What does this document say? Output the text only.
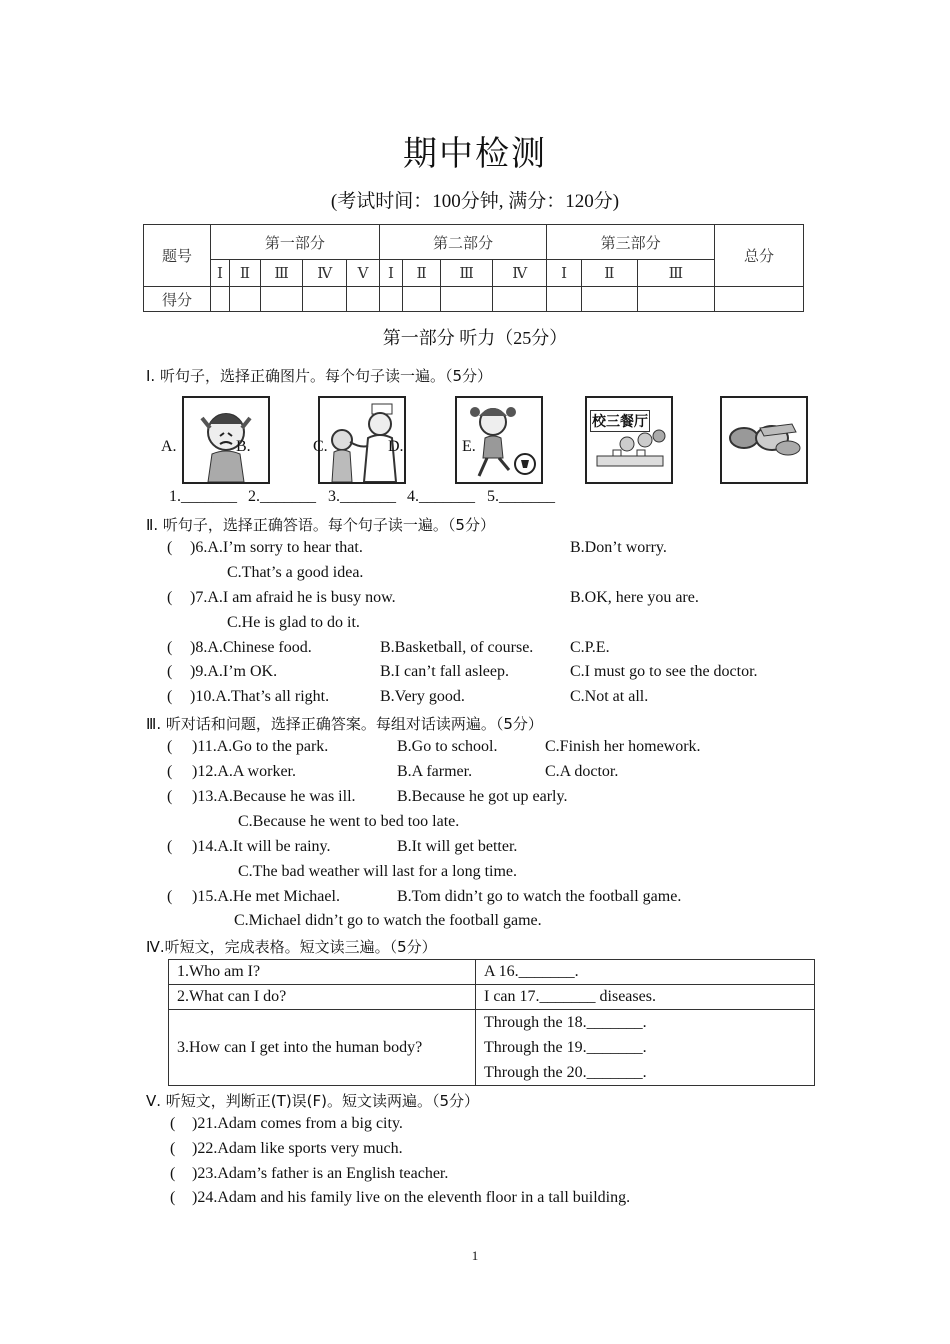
期中检测
(考试时间：100分钟, 满分：120分)
题号	第一部分					第二部分				第三部分			总分
	Ⅰ	Ⅱ	Ⅲ	Ⅳ	Ⅴ	Ⅰ	Ⅱ	Ⅲ	Ⅳ	Ⅰ	Ⅱ	Ⅲ	
得分													
第一部分 听力（25分）
Ⅰ. 听句子，选择正确图片。每个句子读一遍。（5分）
校三餐厅
A.	B.	C.	D.	E.
1._______ 2._______ 3._______ 4._______ 5._______
Ⅱ. 听句子，选择正确答语。每个句子读一遍。（5分）
( )6.A.I’m sorry to hear that.	B.Don’t worry.
C.That’s a good idea.
( )7.A.I am afraid he is busy now.	B.OK, here you are.
C.He is glad to do it.
( )8.A.Chinese food.	B.Basketball, of course. C.P.E.
( )9.A.I’m OK.	B.I can’t fall asleep.	C.I must go to see the doctor.
( )10.A.That’s all right.	B.Very good.	C.Not at all.
Ⅲ. 听对话和问题，选择正确答案。每组对话读两遍。（5分）
( )11.A.Go to the park.	B.Go to school.	C.Finish her homework.
( )12.A.A worker.	B.A farmer.	C.A doctor.
( )13.A.Because he was ill.	B.Because he got up early.
C.Because he went to bed too late.
( )14.A.It will be rainy.	B.It will get better.
C.The bad weather will last for a long time.
( )15.A.He met Michael.	B.Tom didn’t go to watch the football game.
C.Michael didn’t go to watch the football game.
Ⅳ.听短文，完成表格。短文读三遍。（5分）
1.Who am I?	A 16._______.
2.What can I do?	I can 17._______ diseases.
3.How can I get into the human body?	Through the 18._______.
Through the 19._______.
Through the 20._______.
Ⅴ. 听短文，判断正(T)误(F)。短文读两遍。（5分）
( )21.Adam comes from a big city.
( )22.Adam like sports very much.
( )23.Adam’s father is an English teacher.
( )24.Adam and his family live on the eleventh floor in a tall building.
1
